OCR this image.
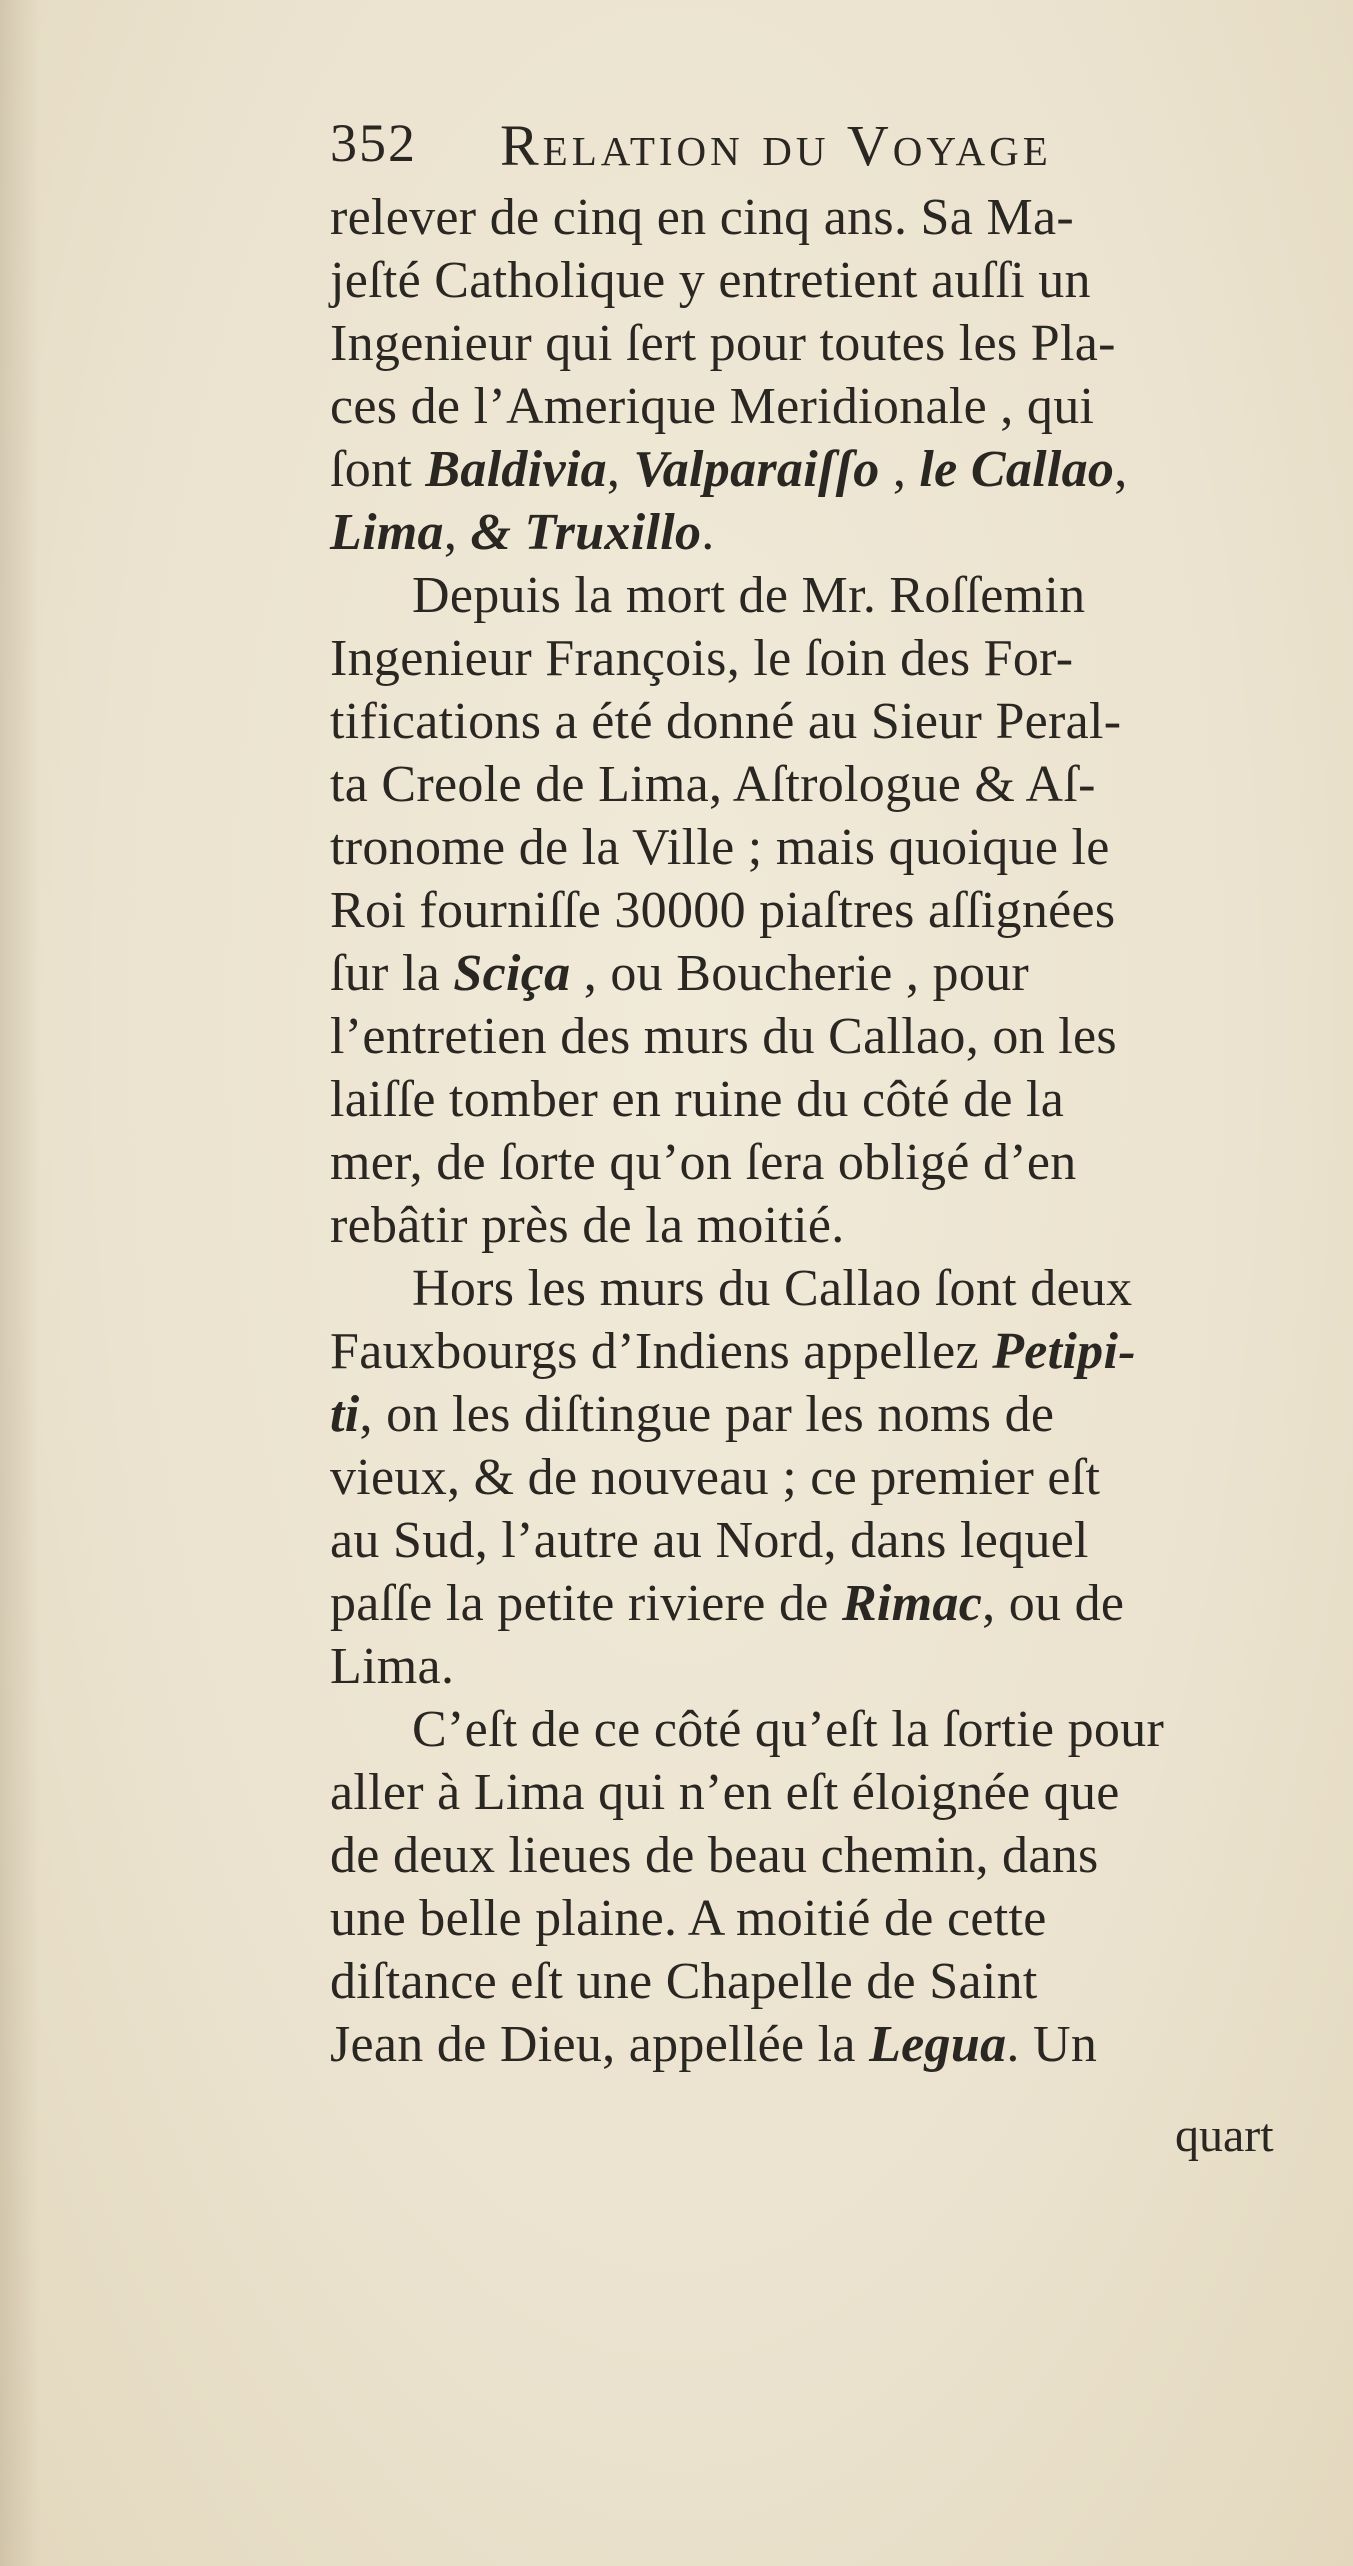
352 Relation du Voyage
relever de cinq en cinq ans. Sa Ma-
jeſté Catholique y entretient auſſi un
Ingenieur qui ſert pour toutes les Pla-
ces de l’Amerique Meridionale , qui
ſont Baldivia, Valparaiſſo , le Callao,
Lima, & Truxillo.
Depuis la mort de Mr. Roſſemin
Ingenieur François, le ſoin des For-
tifications a été donné au Sieur Peral-
ta Creole de Lima, Aſtrologue & Aſ-
tronome de la Ville ; mais quoique le
Roi fourniſſe 30000 piaſtres aſſignées
ſur la Sciça , ou Boucherie , pour
l’entretien des murs du Callao, on les
laiſſe tomber en ruine du côté de la
mer, de ſorte qu’on ſera obligé d’en
rebâtir près de la moitié.
Hors les murs du Callao ſont deux
Fauxbourgs d’Indiens appellez Petipi-
ti, on les diſtingue par les noms de
vieux, & de nouveau ; ce premier eſt
au Sud, l’autre au Nord, dans lequel
paſſe la petite riviere de Rimac, ou de
Lima.
C’eſt de ce côté qu’eſt la ſortie pour
aller à Lima qui n’en eſt éloignée que
de deux lieues de beau chemin, dans
une belle plaine. A moitié de cette
diſtance eſt une Chapelle de Saint
Jean de Dieu, appellée la Legua. Un
quart
